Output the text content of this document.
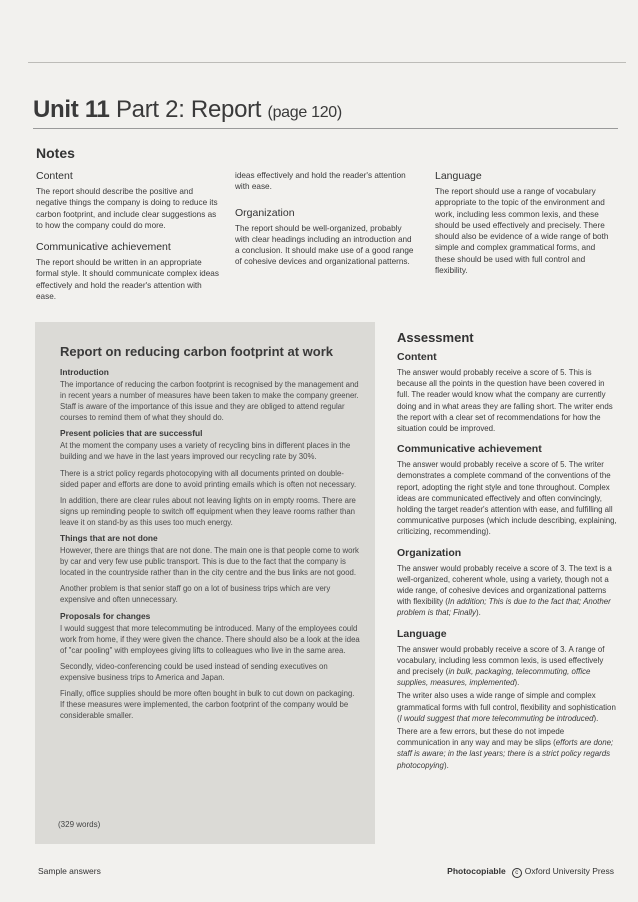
Unit 11 Part 2: Report (page 120)
Notes
Content

The report should describe the positive and negative things the company is doing to reduce its carbon footprint, and include clear suggestions as to how the company could do more.

Communicative achievement

The report should be written in an appropriate formal style. It should communicate complex ideas effectively and hold the reader's attention with ease.

ideas effectively and hold the reader's attention with ease.

Organization

The report should be well-organized, probably with clear headings including an introduction and a conclusion. It should make use of a good range of cohesive devices and organizational patterns.

Language

The report should use a range of vocabulary appropriate to the topic of the environment and work, including less common lexis, and these should be used effectively and precisely. There should also be evidence of a wide range of both simple and complex grammatical forms, and these should be used with full control and flexibility.

Report on reducing carbon footprint at work
Introduction

The importance of reducing the carbon footprint is recognised by the management and in recent years a number of measures have been taken to make the company greener. Staff is aware of the importance of this issue and they are obliged to attend regular courses to remind them of what they should do.

Present policies that are successful

At the moment the company uses a variety of recycling bins in different places in the building and we have in the last years improved our recycling rate by 30%.

There is a strict policy regards photocopying with all documents printed on double-sided paper and efforts are done to avoid printing emails which is often not necessary.

In addition, there are clear rules about not leaving lights on in empty rooms. There are signs up reminding people to switch off equipment when they leave rooms rather than leave it on stand-by as this uses too much energy.

Things that are not done

However, there are things that are not done. The main one is that people come to work by car and very few use public transport. This is due to the fact that the company is located in the countryside rather than in the city centre and the bus links are not good.

Another problem is that senior staff go on a lot of business trips which are very expensive and often unnecessary.

Proposals for changes

I would suggest that more telecommuting be introduced. Many of the employees could work from home, if they were given the chance. There should also be a look at the idea of "car pooling" with employees giving lifts to colleagues who live in the same area.

Secondly, video-conferencing could be used instead of sending executives on expensive business trips to America and Japan.

Finally, office supplies should be more often bought in bulk to cut down on packaging. If these measures were implemented, the carbon footprint of the company would be considerable smaller.

(329 words)
Assessment
Content

The answer would probably receive a score of 5. This is because all the points in the question have been covered in full. The reader would know what the company are currently doing and in what areas they are falling short. The writer ends the report with a clear set of recommendations for how the situation could be improved.

Communicative achievement

The answer would probably receive a score of 5. The writer demonstrates a complete command of the conventions of the report, adopting the right style and tone throughout. Complex ideas are communicated effectively and often convincingly, holding the target reader's attention with ease, and fulfilling all communicative purposes (which include describing, explaining, criticizing, recommending).

Organization

The answer would probably receive a score of 3. The text is a well-organized, coherent whole, using a variety, though not a wide range, of cohesive devices and organizational patterns with flexibility (In addition; This is due to the fact that; Another problem is that; Finally).

Language

The answer would probably receive a score of 3. A range of vocabulary, including less common lexis, is used effectively and precisely (in bulk, packaging, telecommuting, office supplies, measures, implemented).

The writer also uses a wide range of simple and complex grammatical forms with full control, flexibility and sophistication (I would suggest that more telecommuting be introduced).

There are a few errors, but these do not impede communication in any way and may be slips (efforts are done; staff is aware; in the last years; there is a strict policy regards photocopying).

Sample answers	Photocopiable c Oxford University Press
